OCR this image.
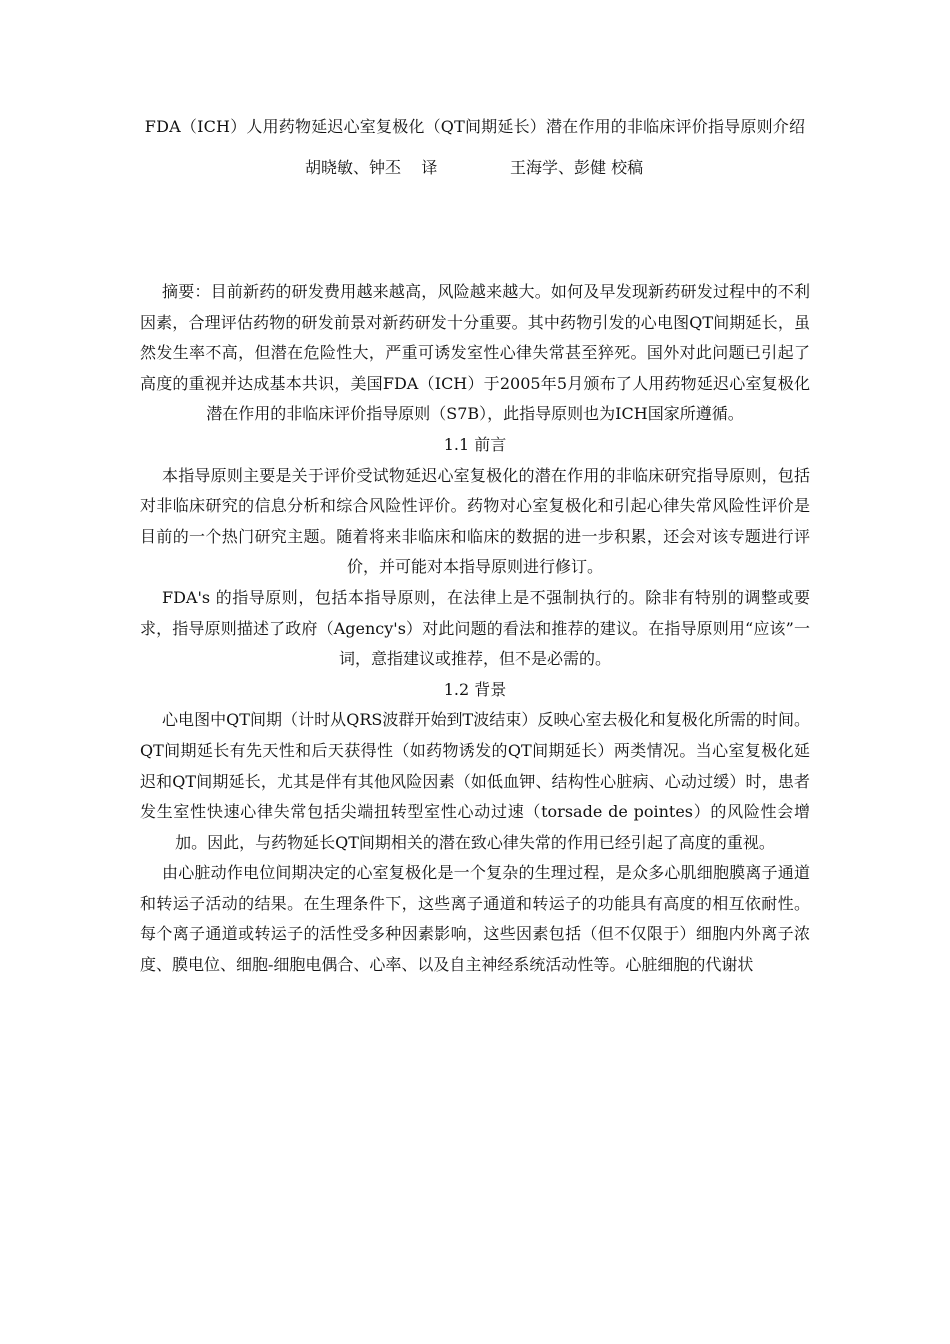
FDA（ICH）人用药物延迟心室复极化（QT间期延长）潜在作用的非临床评价指导原则介绍
胡晓敏、钟丕    译	王海学、彭健 校稿

摘要：目前新药的研发费用越来越高，风险越来越大。如何及早发现新药研发过程中的不利因素，合理评估药物的研发前景对新药研发十分重要。其中药物引发的心电图QT间期延长，虽然发生率不高，但潜在危险性大，严重可诱发室性心律失常甚至猝死。国外对此问题已引起了高度的重视并达成基本共识，美国FDA（ICH）于2005年5月颁布了人用药物延迟心室复极化潜在作用的非临床评价指导原则（S7B），此指导原则也为ICH国家所遵循。

1.1 前言

本指导原则主要是关于评价受试物延迟心室复极化的潜在作用的非临床研究指导原则，包括对非临床研究的信息分析和综合风险性评价。药物对心室复极化和引起心律失常风险性评价是目前的一个热门研究主题。随着将来非临床和临床的数据的进一步积累，还会对该专题进行评价，并可能对本指导原则进行修订。

FDA's 的指导原则，包括本指导原则，在法律上是不强制执行的。除非有特别的调整或要求，指导原则描述了政府（Agency's）对此问题的看法和推荐的建议。在指导原则用“应该”一词，意指建议或推荐，但不是必需的。

1.2 背景

心电图中QT间期（计时从QRS波群开始到T波结束）反映心室去极化和复极化所需的时间。QT间期延长有先天性和后天获得性（如药物诱发的QT间期延长）两类情况。当心室复极化延迟和QT间期延长，尤其是伴有其他风险因素（如低血钾、结构性心脏病、心动过缓）时，患者发生室性快速心律失常包括尖端扭转型室性心动过速（torsade de pointes）的风险性会增加。因此，与药物延长QT间期相关的潜在致心律失常的作用已经引起了高度的重视。

由心脏动作电位间期决定的心室复极化是一个复杂的生理过程，是众多心肌细胞膜离子通道和转运子活动的结果。在生理条件下，这些离子通道和转运子的功能具有高度的相互依耐性。每个离子通道或转运子的活性受多种因素影响，这些因素包括（但不仅限于）细胞内外离子浓度、膜电位、细胞-细胞电偶合、心率、以及自主神经系统活动性等。心脏细胞的代谢状
